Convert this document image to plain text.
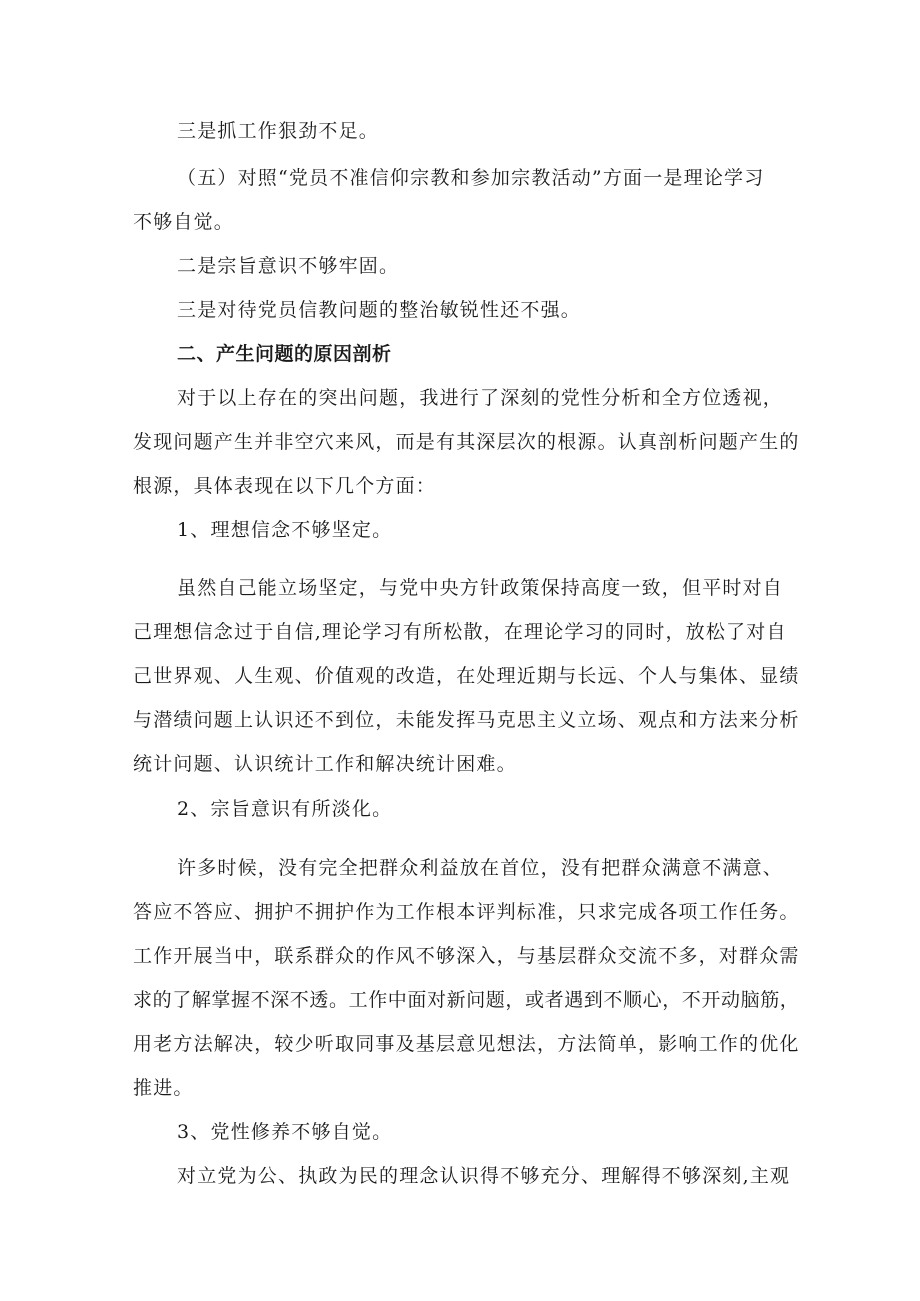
三是抓工作狠劲不足。
（五）对照“党员不准信仰宗教和参加宗教活动”方面一是理论学习
不够自觉。
二是宗旨意识不够牢固。
三是对待党员信教问题的整治敏锐性还不强。
二、产生问题的原因剖析
对于以上存在的突出问题，我进行了深刻的党性分析和全方位透视，
发现问题产生并非空穴来风，而是有其深层次的根源。认真剖析问题产生的
根源，具体表现在以下几个方面：
1、理想信念不够坚定。
虽然自己能立场坚定，与党中央方针政策保持高度一致，但平时对自
己理想信念过于自信,理论学习有所松散，在理论学习的同时，放松了对自
己世界观、人生观、价值观的改造，在处理近期与长远、个人与集体、显绩
与潜绩问题上认识还不到位，未能发挥马克思主义立场、观点和方法来分析
统计问题、认识统计工作和解决统计困难。
2、宗旨意识有所淡化。
许多时候，没有完全把群众利益放在首位，没有把群众满意不满意、
答应不答应、拥护不拥护作为工作根本评判标准，只求完成各项工作任务。
工作开展当中，联系群众的作风不够深入，与基层群众交流不多，对群众需
求的了解掌握不深不透。工作中面对新问题，或者遇到不顺心，不开动脑筋，
用老方法解决，较少听取同事及基层意见想法，方法简单，影响工作的优化
推进。
3、党性修养不够自觉。
对立党为公、执政为民的理念认识得不够充分、理解得不够深刻,主观
